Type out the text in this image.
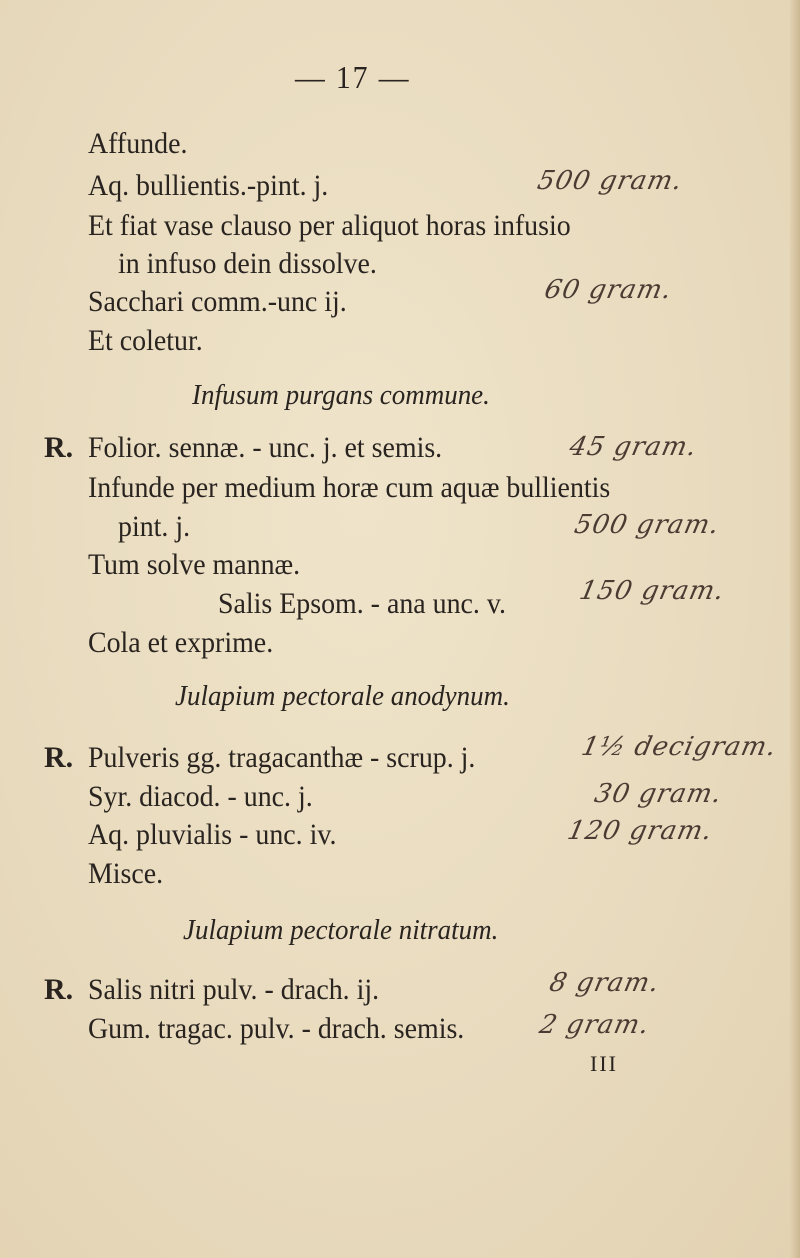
— 17 —
Affunde.
Aq. bullientis.-pint. j.
Et fiat vase clauso per aliquot horas infusio
in infuso dein dissolve.
Sacchari comm.-unc ij.
Et coletur.
Infusum purgans commune.
R. Folior. sennæ. - unc. j. et semis.
Infunde per medium horæ cum aquæ bullientis
pint. j.
Tum solve mannæ.
Salis Epsom. - ana unc. v.
Cola et exprime.
Julapium pectorale anodynum.
R. Pulveris gg. tragacanthæ - scrup. j.
Syr. diacod. - unc. j.
Aq. pluvialis - unc. iv.
Misce.
Julapium pectorale nitratum.
R. Salis nitri pulv. - drach. ij.
Gum. tragac. pulv. - drach. semis.
500 gram.
60 gram.
45 gram.
500 gram.
150 gram.
1½ decigram.
30 gram.
120 gram.
8 gram.
2 gram.
III
